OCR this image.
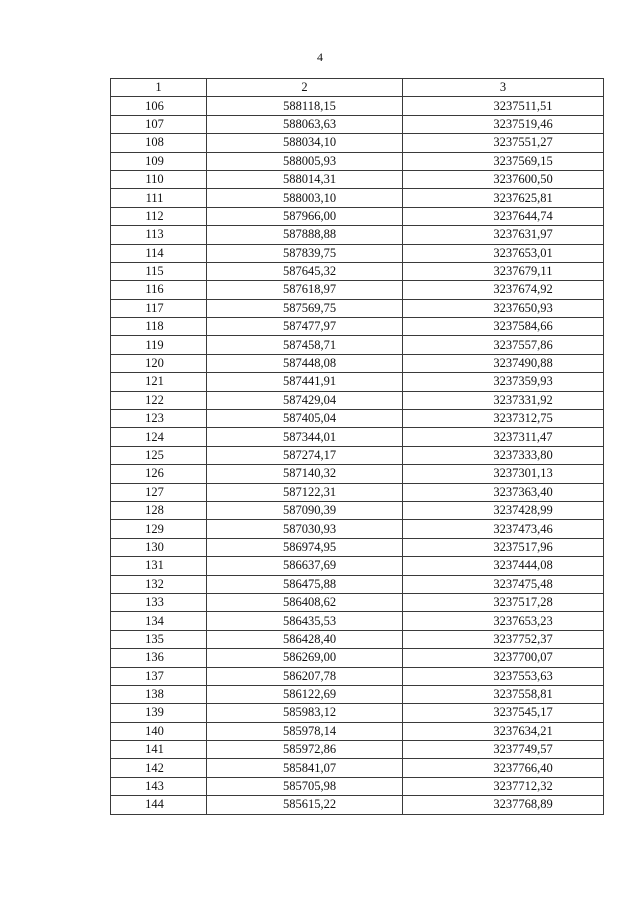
4
1	2	3
106	588118,15	3237511,51
107	588063,63	3237519,46
108	588034,10	3237551,27
109	588005,93	3237569,15
110	588014,31	3237600,50
111	588003,10	3237625,81
112	587966,00	3237644,74
113	587888,88	3237631,97
114	587839,75	3237653,01
115	587645,32	3237679,11
116	587618,97	3237674,92
117	587569,75	3237650,93
118	587477,97	3237584,66
119	587458,71	3237557,86
120	587448,08	3237490,88
121	587441,91	3237359,93
122	587429,04	3237331,92
123	587405,04	3237312,75
124	587344,01	3237311,47
125	587274,17	3237333,80
126	587140,32	3237301,13
127	587122,31	3237363,40
128	587090,39	3237428,99
129	587030,93	3237473,46
130	586974,95	3237517,96
131	586637,69	3237444,08
132	586475,88	3237475,48
133	586408,62	3237517,28
134	586435,53	3237653,23
135	586428,40	3237752,37
136	586269,00	3237700,07
137	586207,78	3237553,63
138	586122,69	3237558,81
139	585983,12	3237545,17
140	585978,14	3237634,21
141	585972,86	3237749,57
142	585841,07	3237766,40
143	585705,98	3237712,32
144	585615,22	3237768,89
